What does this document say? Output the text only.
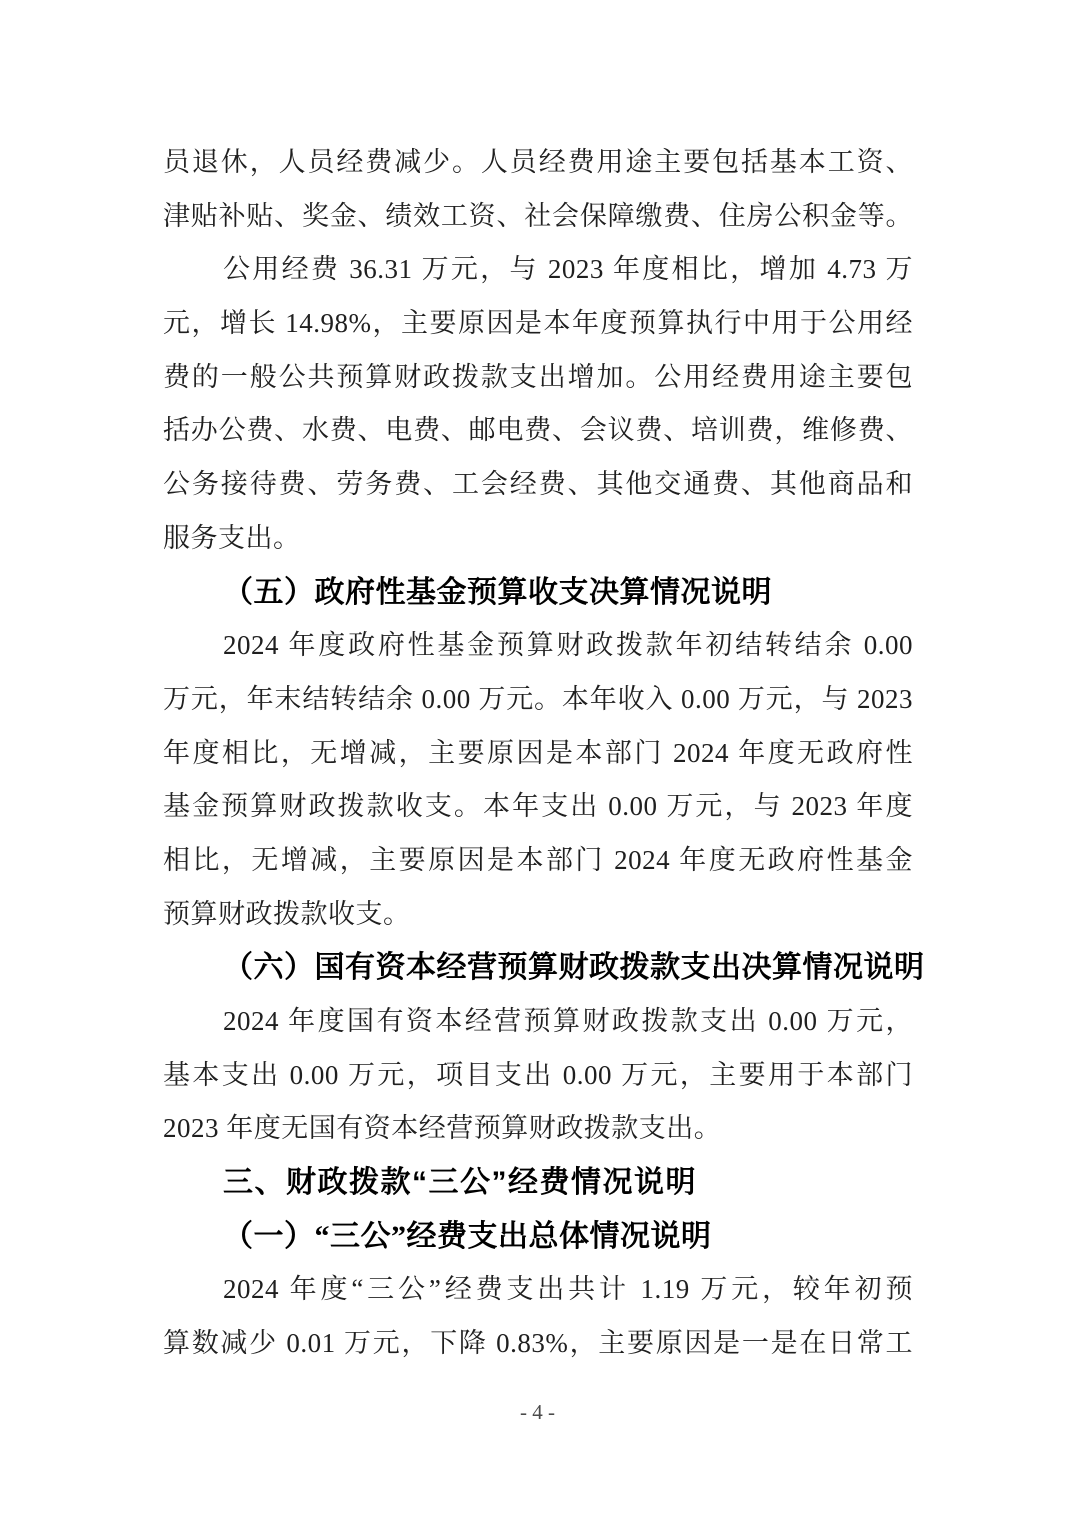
员退休，人员经费减少。人员经费用途主要包括基本工资、
津贴补贴、奖金、绩效工资、社会保障缴费、住房公积金等。
公用经费 36.31 万元，与 2023 年度相比，增加 4.73 万
元，增长 14.98%，主要原因是本年度预算执行中用于公用经
费的一般公共预算财政拨款支出增加。公用经费用途主要包
括办公费、水费、电费、邮电费、会议费、培训费，维修费、
公务接待费、劳务费、工会经费、其他交通费、其他商品和
服务支出。
（五）政府性基金预算收支决算情况说明
2024 年度政府性基金预算财政拨款年初结转结余 0.00
万元，年末结转结余 0.00 万元。本年收入 0.00 万元，与 2023
年度相比，无增减，主要原因是本部门 2024 年度无政府性
基金预算财政拨款收支。本年支出 0.00 万元，与 2023 年度
相比，无增减，主要原因是本部门 2024 年度无政府性基金
预算财政拨款收支。
（六）国有资本经营预算财政拨款支出决算情况说明
2024 年度国有资本经营预算财政拨款支出 0.00 万元，
基本支出 0.00 万元，项目支出 0.00 万元，主要用于本部门
2023 年度无国有资本经营预算财政拨款支出。
三、财政拨款“三公”经费情况说明
（一）“三公”经费支出总体情况说明
2024 年度“三公”经费支出共计 1.19 万元，较年初预
算数减少 0.01 万元，下降 0.83%，主要原因是一是在日常工
- 4 -
